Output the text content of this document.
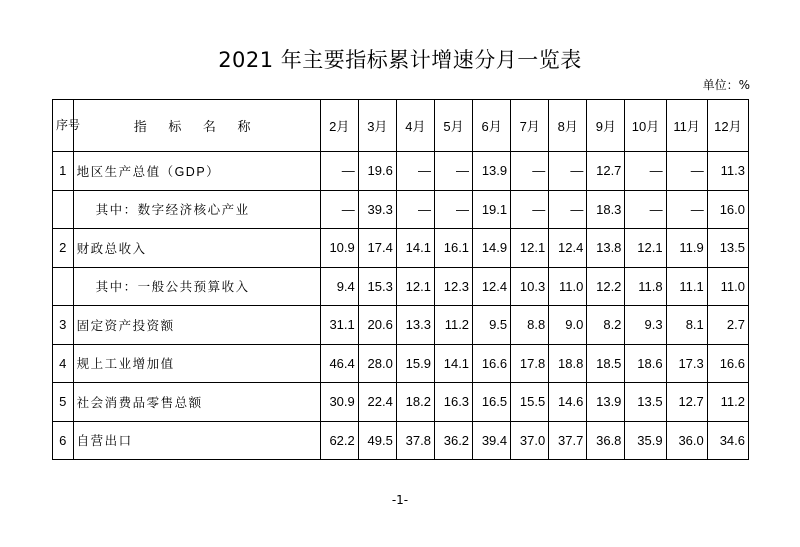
2021 年主要指标累计增速分月一览表
单位：%
序号	指 标 名 称	2月	3月	4月	5月	6月	7月	8月	9月	10月	11月	12月
1	地区生产总值（GDP）	—	19.6	—	—	13.9	—	—	12.7	—	—	11.3
	其中：数字经济核心产业	—	39.3	—	—	19.1	—	—	18.3	—	—	16.0
2	财政总收入	10.9	17.4	14.1	16.1	14.9	12.1	12.4	13.8	12.1	11.9	13.5
	其中：一般公共预算收入	9.4	15.3	12.1	12.3	12.4	10.3	11.0	12.2	11.8	11.1	11.0
3	固定资产投资额	31.1	20.6	13.3	11.2	9.5	8.8	9.0	8.2	9.3	8.1	2.7
4	规上工业增加值	46.4	28.0	15.9	14.1	16.6	17.8	18.8	18.5	18.6	17.3	16.6
5	社会消费品零售总额	30.9	22.4	18.2	16.3	16.5	15.5	14.6	13.9	13.5	12.7	11.2
6	自营出口	62.2	49.5	37.8	36.2	39.4	37.0	37.7	36.8	35.9	36.0	34.6
-1-
